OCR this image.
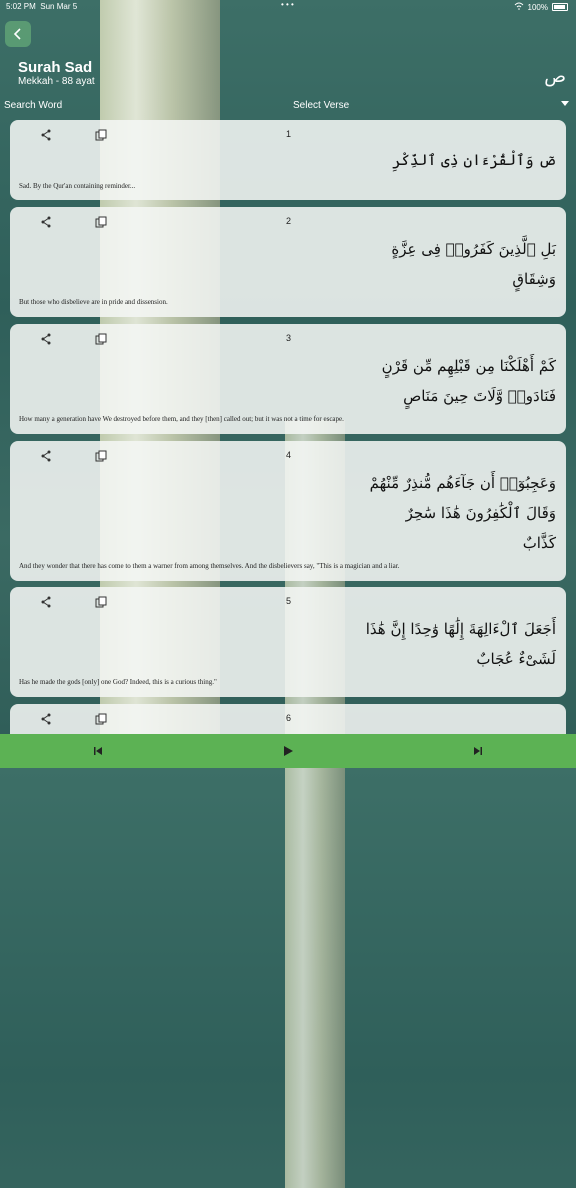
5:02 PM Sun Mar 5	• • •	100%
Surah Sad
Mekkah - 88 ayat	ص
Search Word	Select Verse
1
صٓ وَٱلْقُرْءَانِ ذِى ٱلذِّكْرِ
Sad. By the Qur'an containing reminder...
2
بَلِ ٱلَّذِينَ كَفَرُوا۟ فِى عِزَّةٍ
وَشِقَاقٍ
But those who disbelieve are in pride and dissension.
3
كَمْ أَهْلَكْنَا مِن قَبْلِهِم مِّن قَرْنٍ
فَنَادَوا۟ وَّلَاتَ حِينَ مَنَاصٍ
How many a generation have We destroyed before them, and they [then] called out; but it was not a time for escape.
4
وَعَجِبُوٓا۟ أَن جَآءَهُم مُّنذِرٌ مِّنْهُمْ
وَقَالَ ٱلْكَٰفِرُونَ هَٰذَا سَٰحِرٌ
كَذَّابٌ
And they wonder that there has come to them a warner from among themselves. And the disbelievers say, "This is a magician and a liar.
5
أَجَعَلَ ٱلْءَالِهَةَ إِلَٰهًا وَٰحِدًا إِنَّ هَٰذَا
لَشَىْءٌ عُجَابٌ
Has he made the gods [only] one God? Indeed, this is a curious thing."
6
